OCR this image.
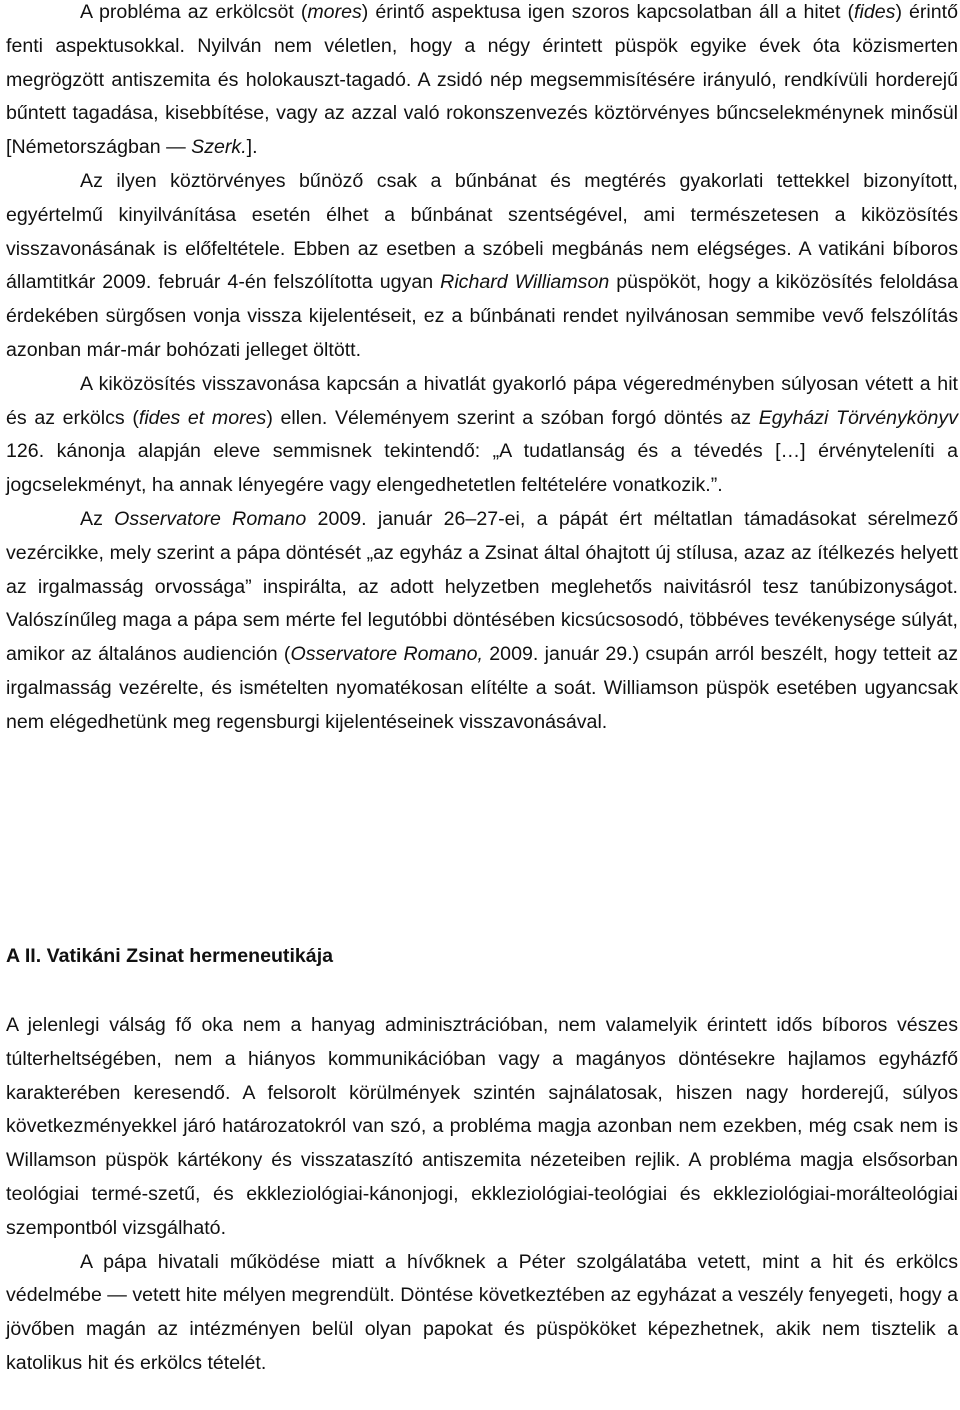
A probléma az erkölcsöt (mores) érintő aspektusa igen szoros kapcsolatban áll a hitet (fides) érintő fenti aspektusokkal. Nyilván nem véletlen, hogy a négy érintett püspök egyike évek óta közismerten megrögzött antiszemita és holokauszt-tagadó. A zsidó nép megsemmisítésére irányuló, rendkívüli horderejű bűntett tagadása, kisebbítése, vagy az azzal való rokonszenvezés köztörvényes bűncselekménynek minősül [Németországban — Szerk.].

Az ilyen köztörvényes bűnöző csak a bűnbánat és megtérés gyakorlati tettekkel bizonyított, egyértelmű kinyilvánítása esetén élhet a bűnbánat szentségével, ami természetesen a kiközösítés visszavonásának is előfeltétele. Ebben az esetben a szóbeli megbánás nem elégséges. A vatikáni bíboros államtitkár 2009. február 4-én felszólította ugyan Richard Williamson püspököt, hogy a kiközösítés feloldása érdekében sürgősen vonja vissza kijelentéseit, ez a bűnbánati rendet nyilvánosan semmibe vevő felszólítás azonban már-már bohózati jelleget öltött.

A kiközösítés visszavonása kapcsán a hivatlát gyakorló pápa végeredményben súlyosan vétett a hit és az erkölcs (fides et mores) ellen. Véleményem szerint a szóban forgó döntés az Egyházi Törvénykönyv 126. kánonja alapján eleve semmisnek tekintendő: „A tudatlanság és a tévedés […] érvényteleníti a jogcselekményt, ha annak lényegére vagy elengedhetetlen feltételére vonatkozik.”.

Az Osservatore Romano 2009. január 26–27-ei, a pápát ért méltatlan támadásokat sérelmező vezércikke, mely szerint a pápa döntését „az egyház a Zsinat által óhajtott új stílusa, azaz az ítélkezés helyett az irgalmasság orvossága” inspirálta, az adott helyzetben meglehetős naivitásról tesz tanúbizonyságot. Valószínűleg maga a pápa sem mérte fel legutóbbi döntésében kicsúcsosodó, többéves tevékenysége súlyát, amikor az általános audiención (Osservatore Romano, 2009. január 29.) csupán arról beszélt, hogy tetteit az irgalmasság vezérelte, és ismételten nyomatékosan elítélte a soát. Williamson püspök esetében ugyancsak nem elégedhetünk meg regensburgi kijelentéseinek visszavonásával.

A II. Vatikáni Zsinat hermeneutikája

A jelenlegi válság fő oka nem a hanyag adminisztrációban, nem valamelyik érintett idős bíboros vészes túlterheltségében, nem a hiányos kommunikációban vagy a magányos döntésekre hajlamos egyházfő karakterében keresendő. A felsorolt körülmények szintén sajnálatosak, hiszen nagy horderejű, súlyos következményekkel járó határozatokról van szó, a probléma magja azonban nem ezekben, még csak nem is Willamson püspök kártékony és visszataszító antiszemita nézeteiben rejlik. A probléma magja elsősorban teológiai termé-szetű, és ekkleziológiai-kánonjogi, ekkleziológiai-teológiai és ekkleziológiai-morálteológiai szempontból vizsgálható.

A pápa hivatali működése miatt a hívőknek a Péter szolgálatába vetett, mint a hit és erkölcs védelmébe — vetett hite mélyen megrendült. Döntése következtében az egyházat a veszély fenyegeti, hogy a jövőben magán az intézményen belül olyan papokat és püspököket képezhetnek, akik nem tisztelik a katolikus hit és erkölcs tételét.
